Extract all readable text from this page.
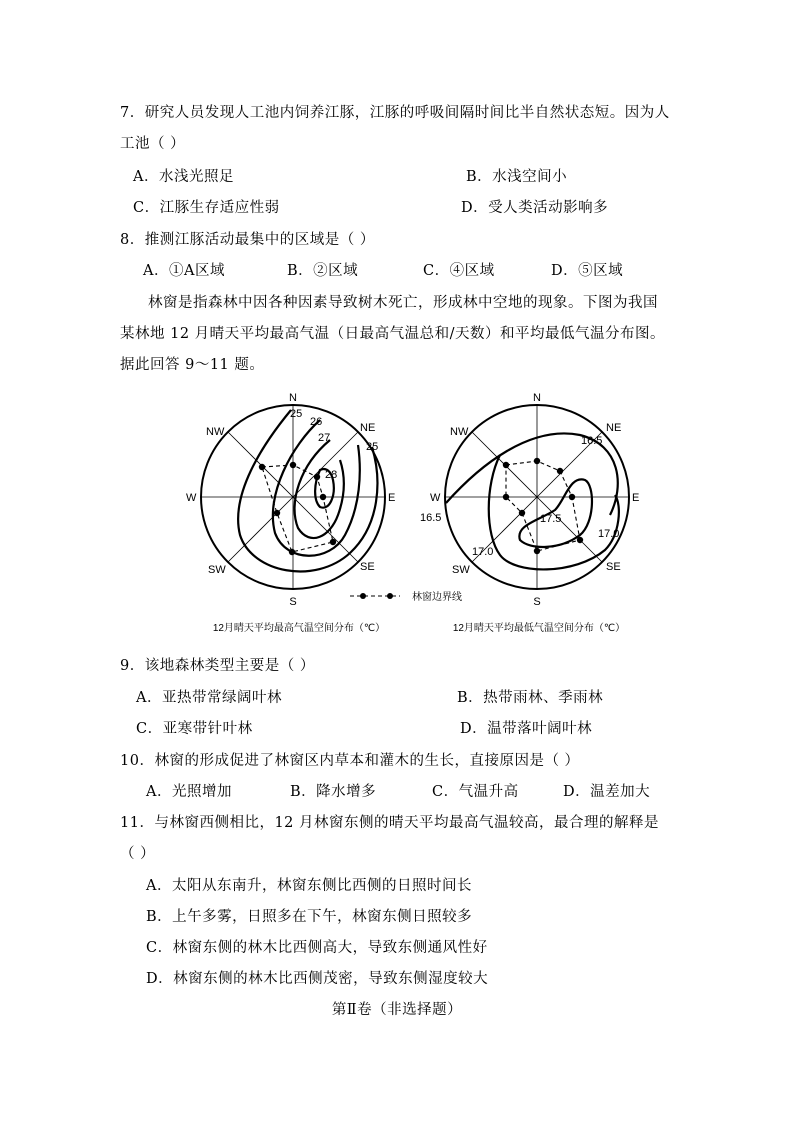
7．研究人员发现人工池内饲养江豚，江豚的呼吸间隔时间比半自然状态短。因为人
工池（ ）
A．水浅光照足	B．水浅空间小
C．江豚生存适应性弱	D．受人类活动影响多
8．推测江豚活动最集中的区域是（ ）
A．①A区域	B．②区域	C．④区域	D．⑤区域
林窗是指森林中因各种因素导致树木死亡，形成林中空地的现象。下图为我国
某林地 12 月晴天平均最高气温（日最高气温总和/天数）和平均最低气温分布图。
据此回答 9～11 题。
N
NE
E
SE
S
SW
W
NW
25
26
27
28
25
12月晴天平均最高气温空间分布（℃）
林窗边界线
N
NE
E
SE
S
SW
W
NW
16.5
16.5
17.0
17.0
17.5
12月晴天平均最低气温空间分布（℃）
9．该地森林类型主要是（ ）
A．亚热带常绿阔叶林	B．热带雨林、季雨林
C．亚寒带针叶林	D．温带落叶阔叶林
10．林窗的形成促进了林窗区内草本和灌木的生长，直接原因是（ ）
A．光照增加	B．降水增多	C．气温升高	D．温差加大
11．与林窗西侧相比，12 月林窗东侧的晴天平均最高气温较高，最合理的解释是
（ ）
A．太阳从东南升，林窗东侧比西侧的日照时间长
B．上午多雾，日照多在下午，林窗东侧日照较多
C．林窗东侧的林木比西侧高大，导致东侧通风性好
D．林窗东侧的林木比西侧茂密，导致东侧湿度较大
第Ⅱ卷（非选择题）
